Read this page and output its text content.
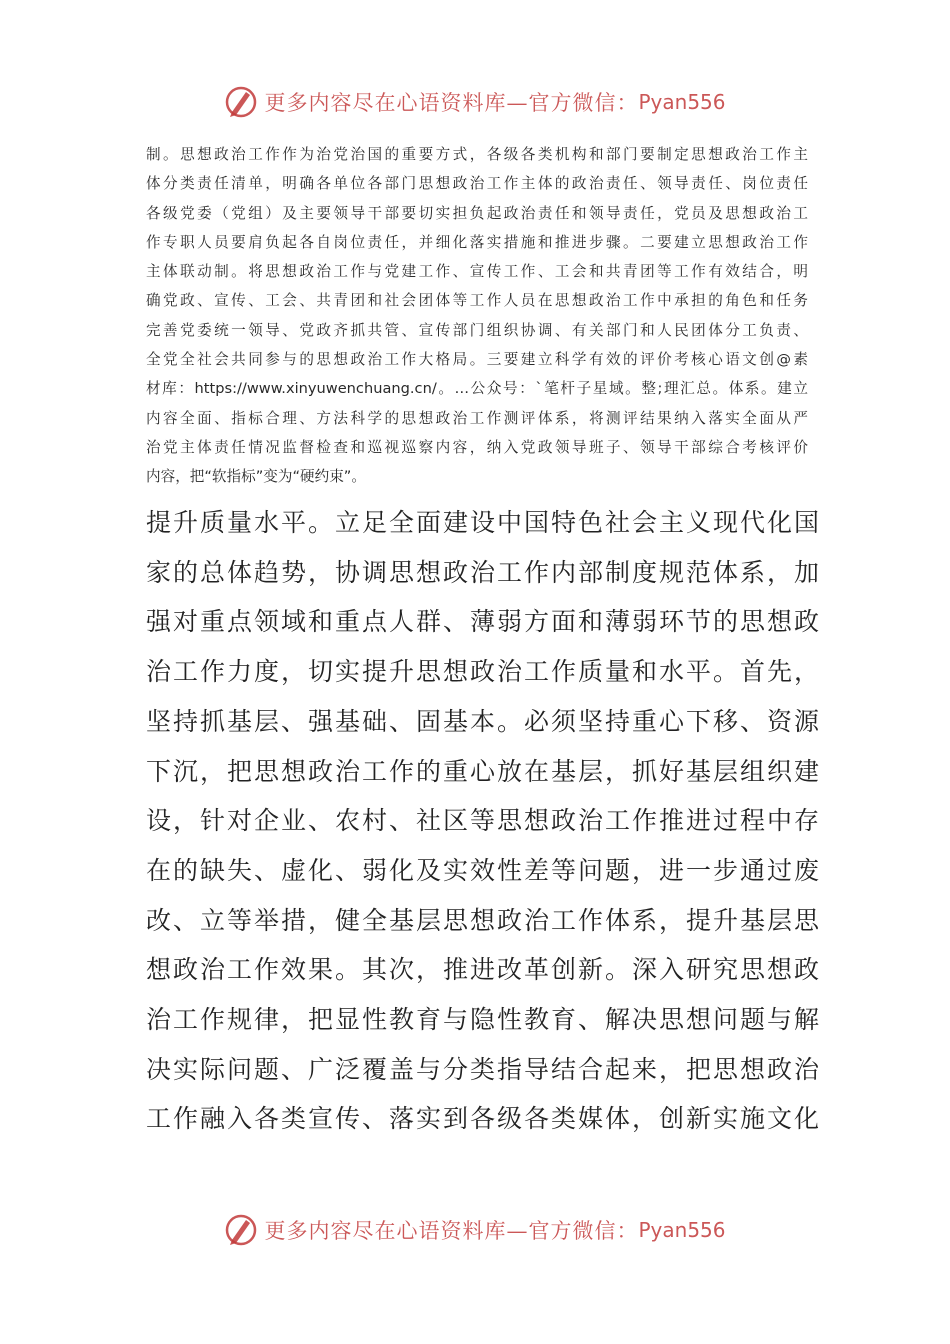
更多内容尽在心语资料库—官方微信： Pyan556
制。思想政治工作作为治党治国的重要方式，各级各类机构和部门要制定思想政治工作主
体分类责任清单，明确各单位各部门思想政治工作主体的政治责任、领导责任、岗位责任
各级党委（党组）及主要领导干部要切实担负起政治责任和领导责任，党员及思想政治工
作专职人员要肩负起各自岗位责任，并细化落实措施和推进步骤。二要建立思想政治工作
主体联动制。将思想政治工作与党建工作、宣传工作、工会和共青团等工作有效结合，明
确党政、宣传、工会、共青团和社会团体等工作人员在思想政治工作中承担的角色和任务
完善党委统一领导、党政齐抓共管、宣传部门组织协调、有关部门和人民团体分工负责、
全党全社会共同参与的思想政治工作大格局。三要建立科学有效的评价考核心语文创@素
材库：https://www.xinyuwenchuang.cn/。…公众号：`笔杆子星域。整;理汇总。体系。建立
内容全面、指标合理、方法科学的思想政治工作测评体系，将测评结果纳入落实全面从严
治党主体责任情况监督检查和巡视巡察内容，纳入党政领导班子、领导干部综合考核评价
内容，把“软指标”变为“硬约束”。
提升质量水平。立足全面建设中国特色社会主义现代化国
家的总体趋势，协调思想政治工作内部制度规范体系，加
强对重点领域和重点人群、薄弱方面和薄弱环节的思想政
治工作力度，切实提升思想政治工作质量和水平。首先，
坚持抓基层、强基础、固基本。必须坚持重心下移、资源
下沉，把思想政治工作的重心放在基层，抓好基层组织建
设，针对企业、农村、社区等思想政治工作推进过程中存
在的缺失、虚化、弱化及实效性差等问题，进一步通过废
改、立等举措，健全基层思想政治工作体系，提升基层思
想政治工作效果。其次，推进改革创新。深入研究思想政
治工作规律，把显性教育与隐性教育、解决思想问题与解
决实际问题、广泛覆盖与分类指导结合起来，把思想政治
工作融入各类宣传、落实到各级各类媒体，创新实施文化
更多内容尽在心语资料库—官方微信： Pyan556
